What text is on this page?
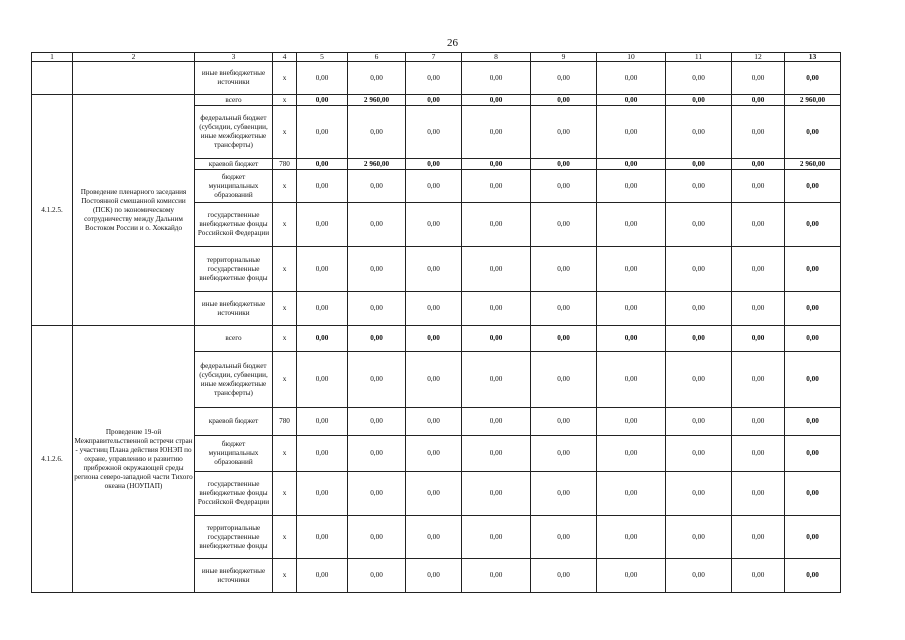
26
1	2	3	4	5	6	7	8	9	10	11	12	13
		иные внебюджетные источники	х	0,00	0,00	0,00	0,00	0,00	0,00	0,00	0,00	0,00
4.1.2.5.	Проведение пленарного заседания Постоянной смешанной комиссии (ПСК) по экономическому сотрудничеству между Дальним Востоком России и о. Хоккайдо	всего	х	0,00	2 960,00	0,00	0,00	0,00	0,00	0,00	0,00	2 960,00
		федеральный бюджет (субсидии, субвенции, иные межбюджетные трансферты)	х	0,00	0,00	0,00	0,00	0,00	0,00	0,00	0,00	0,00
		краевой бюджет	780	0,00	2 960,00	0,00	0,00	0,00	0,00	0,00	0,00	2 960,00
		бюджет муниципальных образований	х	0,00	0,00	0,00	0,00	0,00	0,00	0,00	0,00	0,00
		государственные внебюджетные фонды Российской Федерации	х	0,00	0,00	0,00	0,00	0,00	0,00	0,00	0,00	0,00
		территориальные государственные внебюджетные фонды	х	0,00	0,00	0,00	0,00	0,00	0,00	0,00	0,00	0,00
		иные внебюджетные источники	х	0,00	0,00	0,00	0,00	0,00	0,00	0,00	0,00	0,00
4.1.2.6.	Проведение 19-ой Межправительственной встречи стран - участниц Плана действия ЮНЭП по охране, управлению и развитию прибрежной окружающей среды региона северо-западной части Тихого океана (НОУПАП)	всего	х	0,00	0,00	0,00	0,00	0,00	0,00	0,00	0,00	0,00
		федеральный бюджет (субсидии, субвенции, иные межбюджетные трансферты)	х	0,00	0,00	0,00	0,00	0,00	0,00	0,00	0,00	0,00
		краевой бюджет	780	0,00	0,00	0,00	0,00	0,00	0,00	0,00	0,00	0,00
		бюджет муниципальных образований	х	0,00	0,00	0,00	0,00	0,00	0,00	0,00	0,00	0,00
		государственные внебюджетные фонды Российской Федерации	х	0,00	0,00	0,00	0,00	0,00	0,00	0,00	0,00	0,00
		территориальные государственные внебюджетные фонды	х	0,00	0,00	0,00	0,00	0,00	0,00	0,00	0,00	0,00
		иные внебюджетные источники	х	0,00	0,00	0,00	0,00	0,00	0,00	0,00	0,00	0,00
